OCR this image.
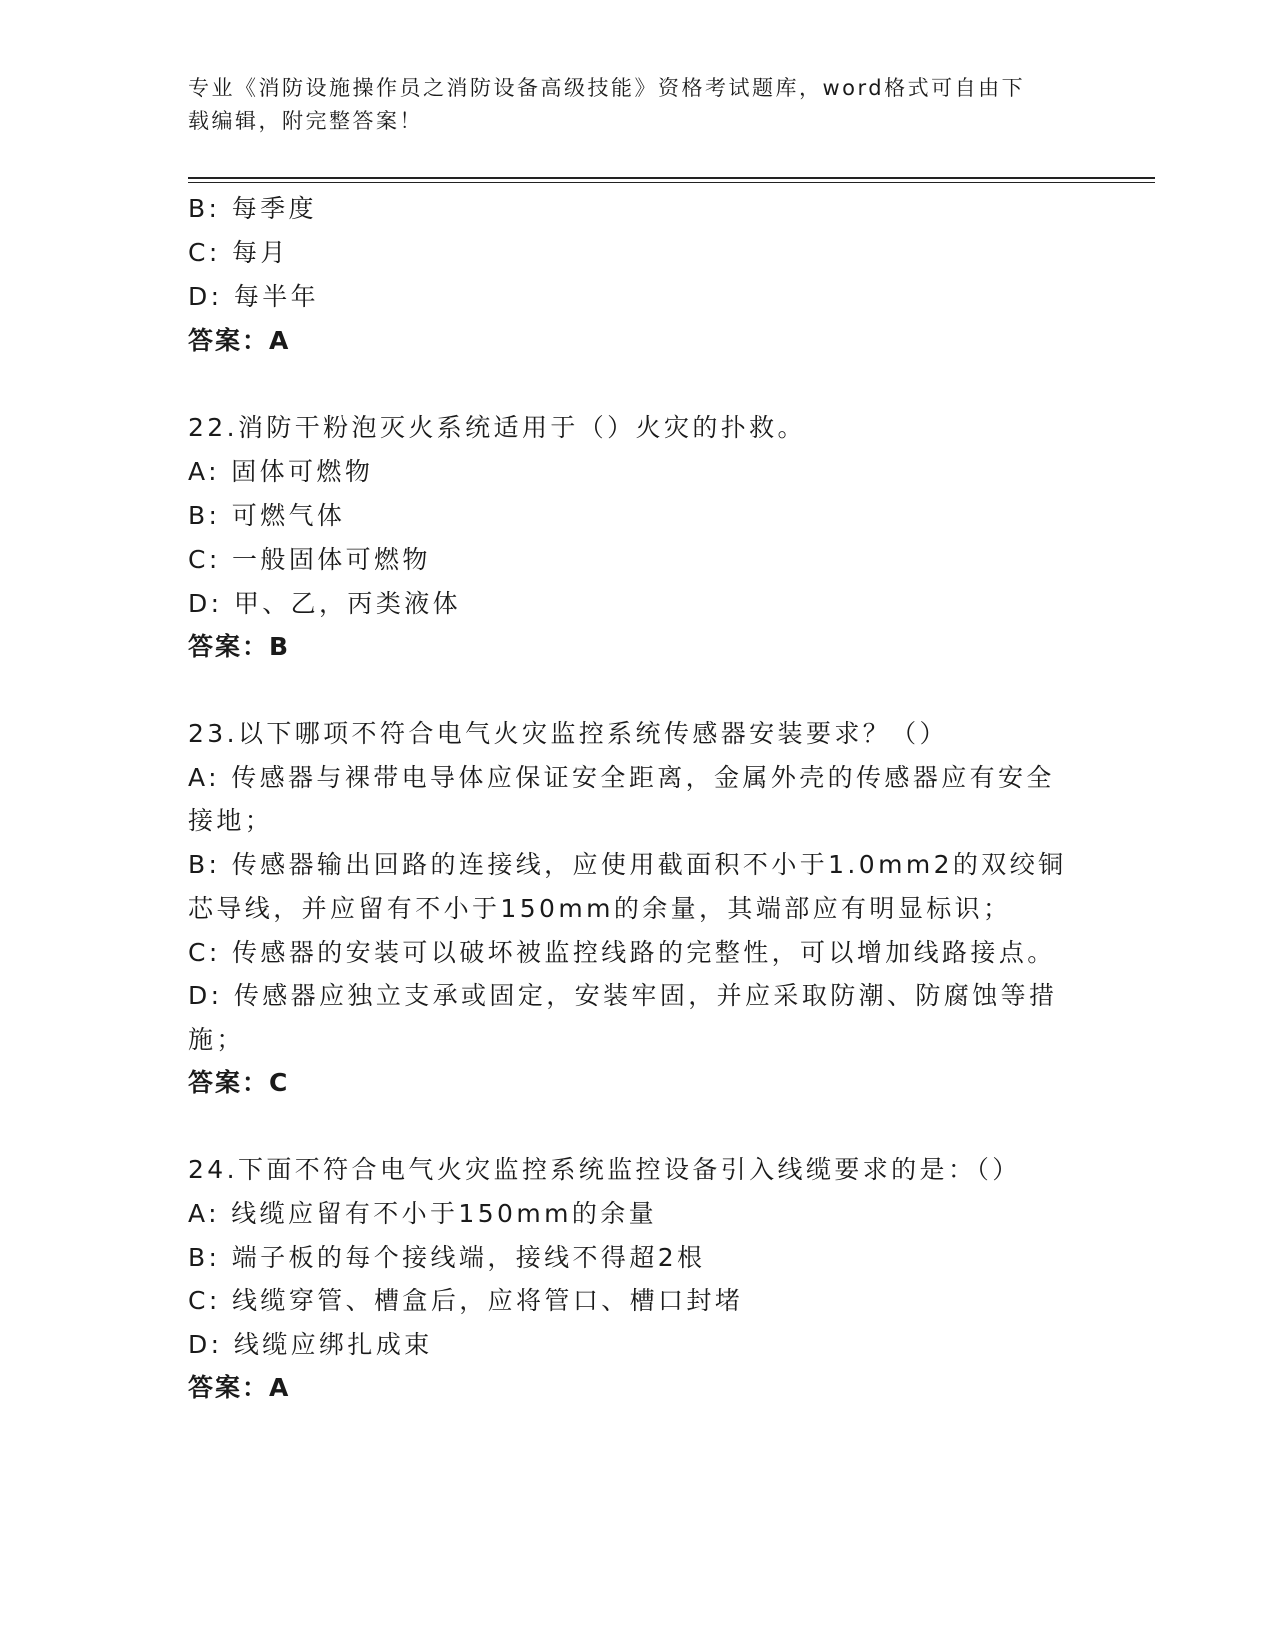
专业《消防设施操作员之消防设备高级技能》资格考试题库，word格式可自由下
载编辑，附完整答案！
B: 每季度
C: 每月
D: 每半年
答案：A
22.消防干粉泡灭火系统适用于（）火灾的扑救。
A: 固体可燃物
B: 可燃气体
C: 一般固体可燃物
D: 甲、乙，丙类液体
答案：B
23.以下哪项不符合电气火灾监控系统传感器安装要求？（）
A: 传感器与裸带电导体应保证安全距离，金属外壳的传感器应有安全
接地；
B: 传感器输出回路的连接线，应使用截面积不小于1.0mm2的双绞铜
芯导线，并应留有不小于150mm的余量，其端部应有明显标识；
C: 传感器的安装可以破坏被监控线路的完整性，可以增加线路接点。
D: 传感器应独立支承或固定，安装牢固，并应采取防潮、防腐蚀等措
施；
答案：C
24.下面不符合电气火灾监控系统监控设备引入线缆要求的是：（）
A: 线缆应留有不小于150mm的余量
B: 端子板的每个接线端，接线不得超2根
C: 线缆穿管、槽盒后，应将管口、槽口封堵
D: 线缆应绑扎成束
答案：A
